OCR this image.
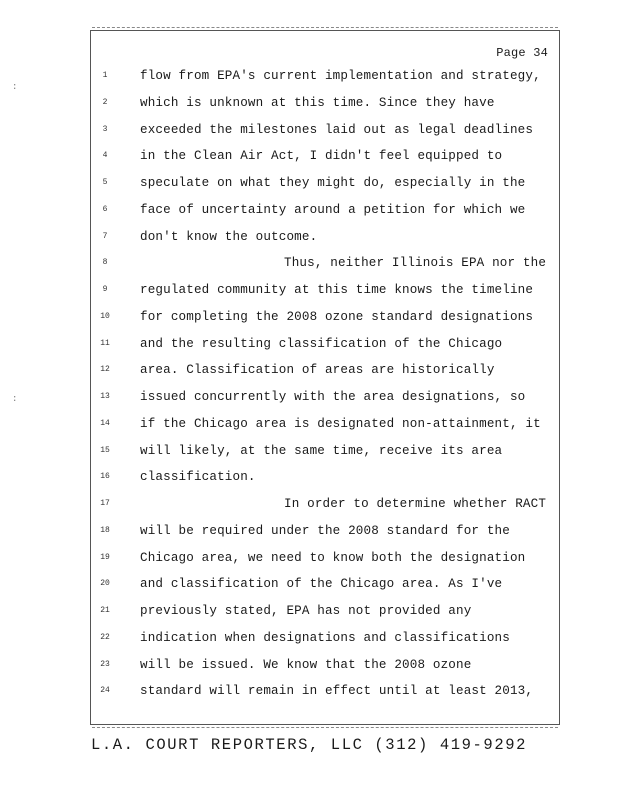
:
:
Page 34
1	flow from EPA's current implementation and strategy,
2	which is unknown at this time. Since they have
3	exceeded the milestones laid out as legal deadlines
4	in the Clean Air Act, I didn't feel equipped to
5	speculate on what they might do, especially in the
6	face of uncertainty around a petition for which we
7	don't know the outcome.
8	Thus, neither Illinois EPA nor the
9	regulated community at this time knows the timeline
10	for completing the 2008 ozone standard designations
11	and the resulting classification of the Chicago
12	area. Classification of areas are historically
13	issued concurrently with the area designations, so
14	if the Chicago area is designated non-attainment, it
15	will likely, at the same time, receive its area
16	classification.
17	In order to determine whether RACT
18	will be required under the 2008 standard for the
19	Chicago area, we need to know both the designation
20	and classification of the Chicago area. As I've
21	previously stated, EPA has not provided any
22	indication when designations and classifications
23	will be issued. We know that the 2008 ozone
24	standard will remain in effect until at least 2013,
L.A. COURT REPORTERS, LLC (312) 419-9292
